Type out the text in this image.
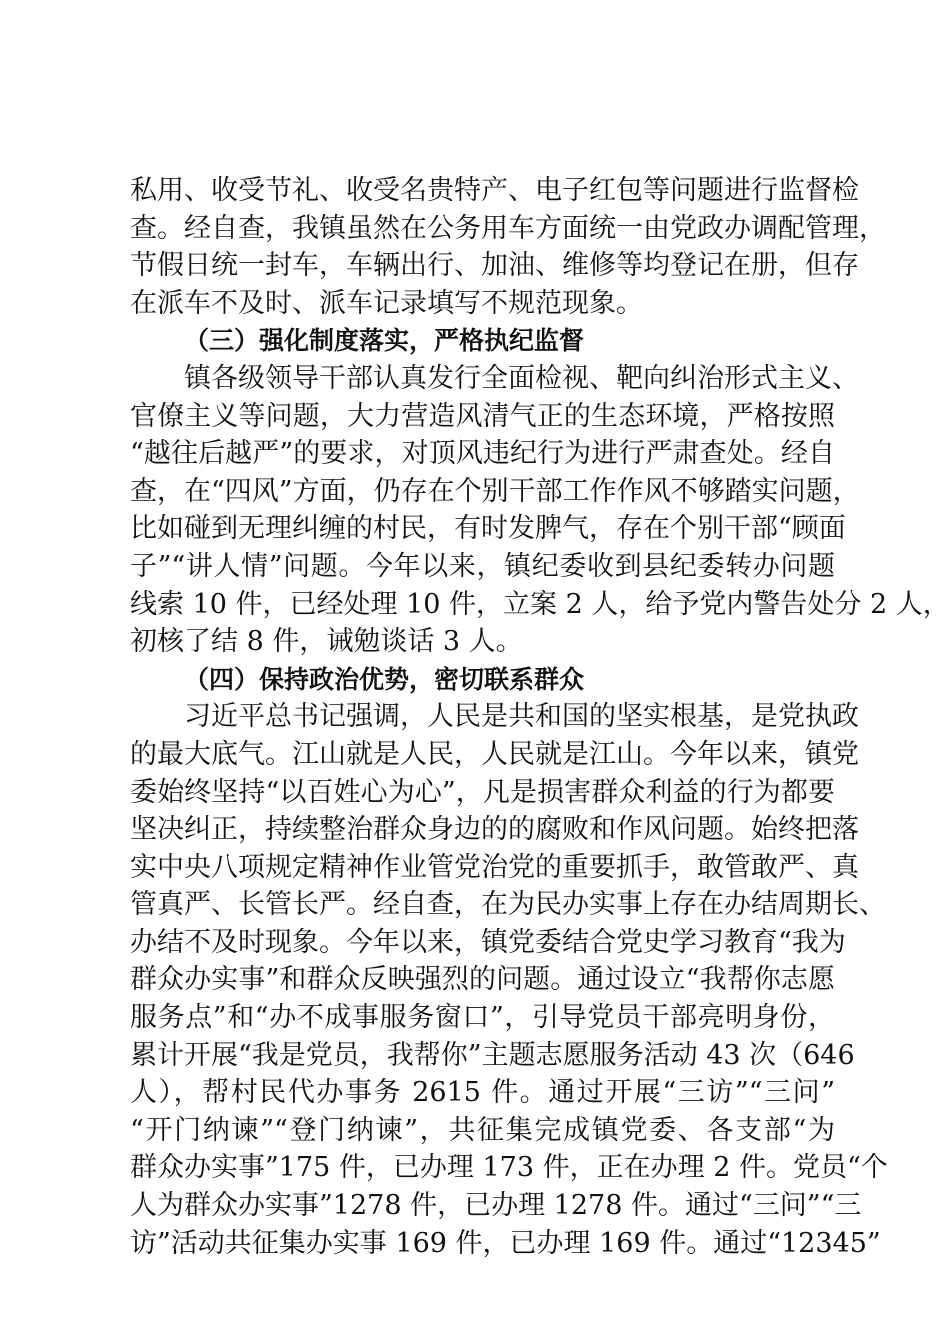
私用、收受节礼、收受名贵特产、电子红包等问题进行监督检
查。经自查，我镇虽然在公务用车方面统一由党政办调配管理，
节假日统一封车，车辆出行、加油、维修等均登记在册，但存
在派车不及时、派车记录填写不规范现象。
（三）强化制度落实，严格执纪监督
镇各级领导干部认真发行全面检视、靶向纠治形式主义、
官僚主义等问题，大力营造风清气正的生态环境，严格按照
“越往后越严”的要求，对顶风违纪行为进行严肃查处。经自
查，在“四风”方面，仍存在个别干部工作作风不够踏实问题，
比如碰到无理纠缠的村民，有时发脾气，存在个别干部“顾面
子”“讲人情”问题。今年以来，镇纪委收到县纪委转办问题
线索 10 件，已经处理 10 件，立案 2 人，给予党内警告处分 2 人，
初核了结 8 件，诫勉谈话 3 人。
（四）保持政治优势，密切联系群众
习近平总书记强调，人民是共和国的坚实根基，是党执政
的最大底气。江山就是人民，人民就是江山。今年以来，镇党
委始终坚持“以百姓心为心”，凡是损害群众利益的行为都要
坚决纠正，持续整治群众身边的的腐败和作风问题。始终把落
实中央八项规定精神作业管党治党的重要抓手，敢管敢严、真
管真严、长管长严。经自查，在为民办实事上存在办结周期长、
办结不及时现象。今年以来，镇党委结合党史学习教育“我为
群众办实事”和群众反映强烈的问题。通过设立“我帮你志愿
服务点”和“办不成事服务窗口”，引导党员干部亮明身份，
累计开展“我是党员，我帮你”主题志愿服务活动 43 次（646
人），帮村民代办事务 2615 件。通过开展“三访”“三问”
“开门纳谏”“登门纳谏”，共征集完成镇党委、各支部“为
群众办实事”175 件，已办理 173 件，正在办理 2 件。党员“个
人为群众办实事”1278 件，已办理 1278 件。通过“三问”“三
访”活动共征集办实事 169 件，已办理 169 件。通过“12345”
